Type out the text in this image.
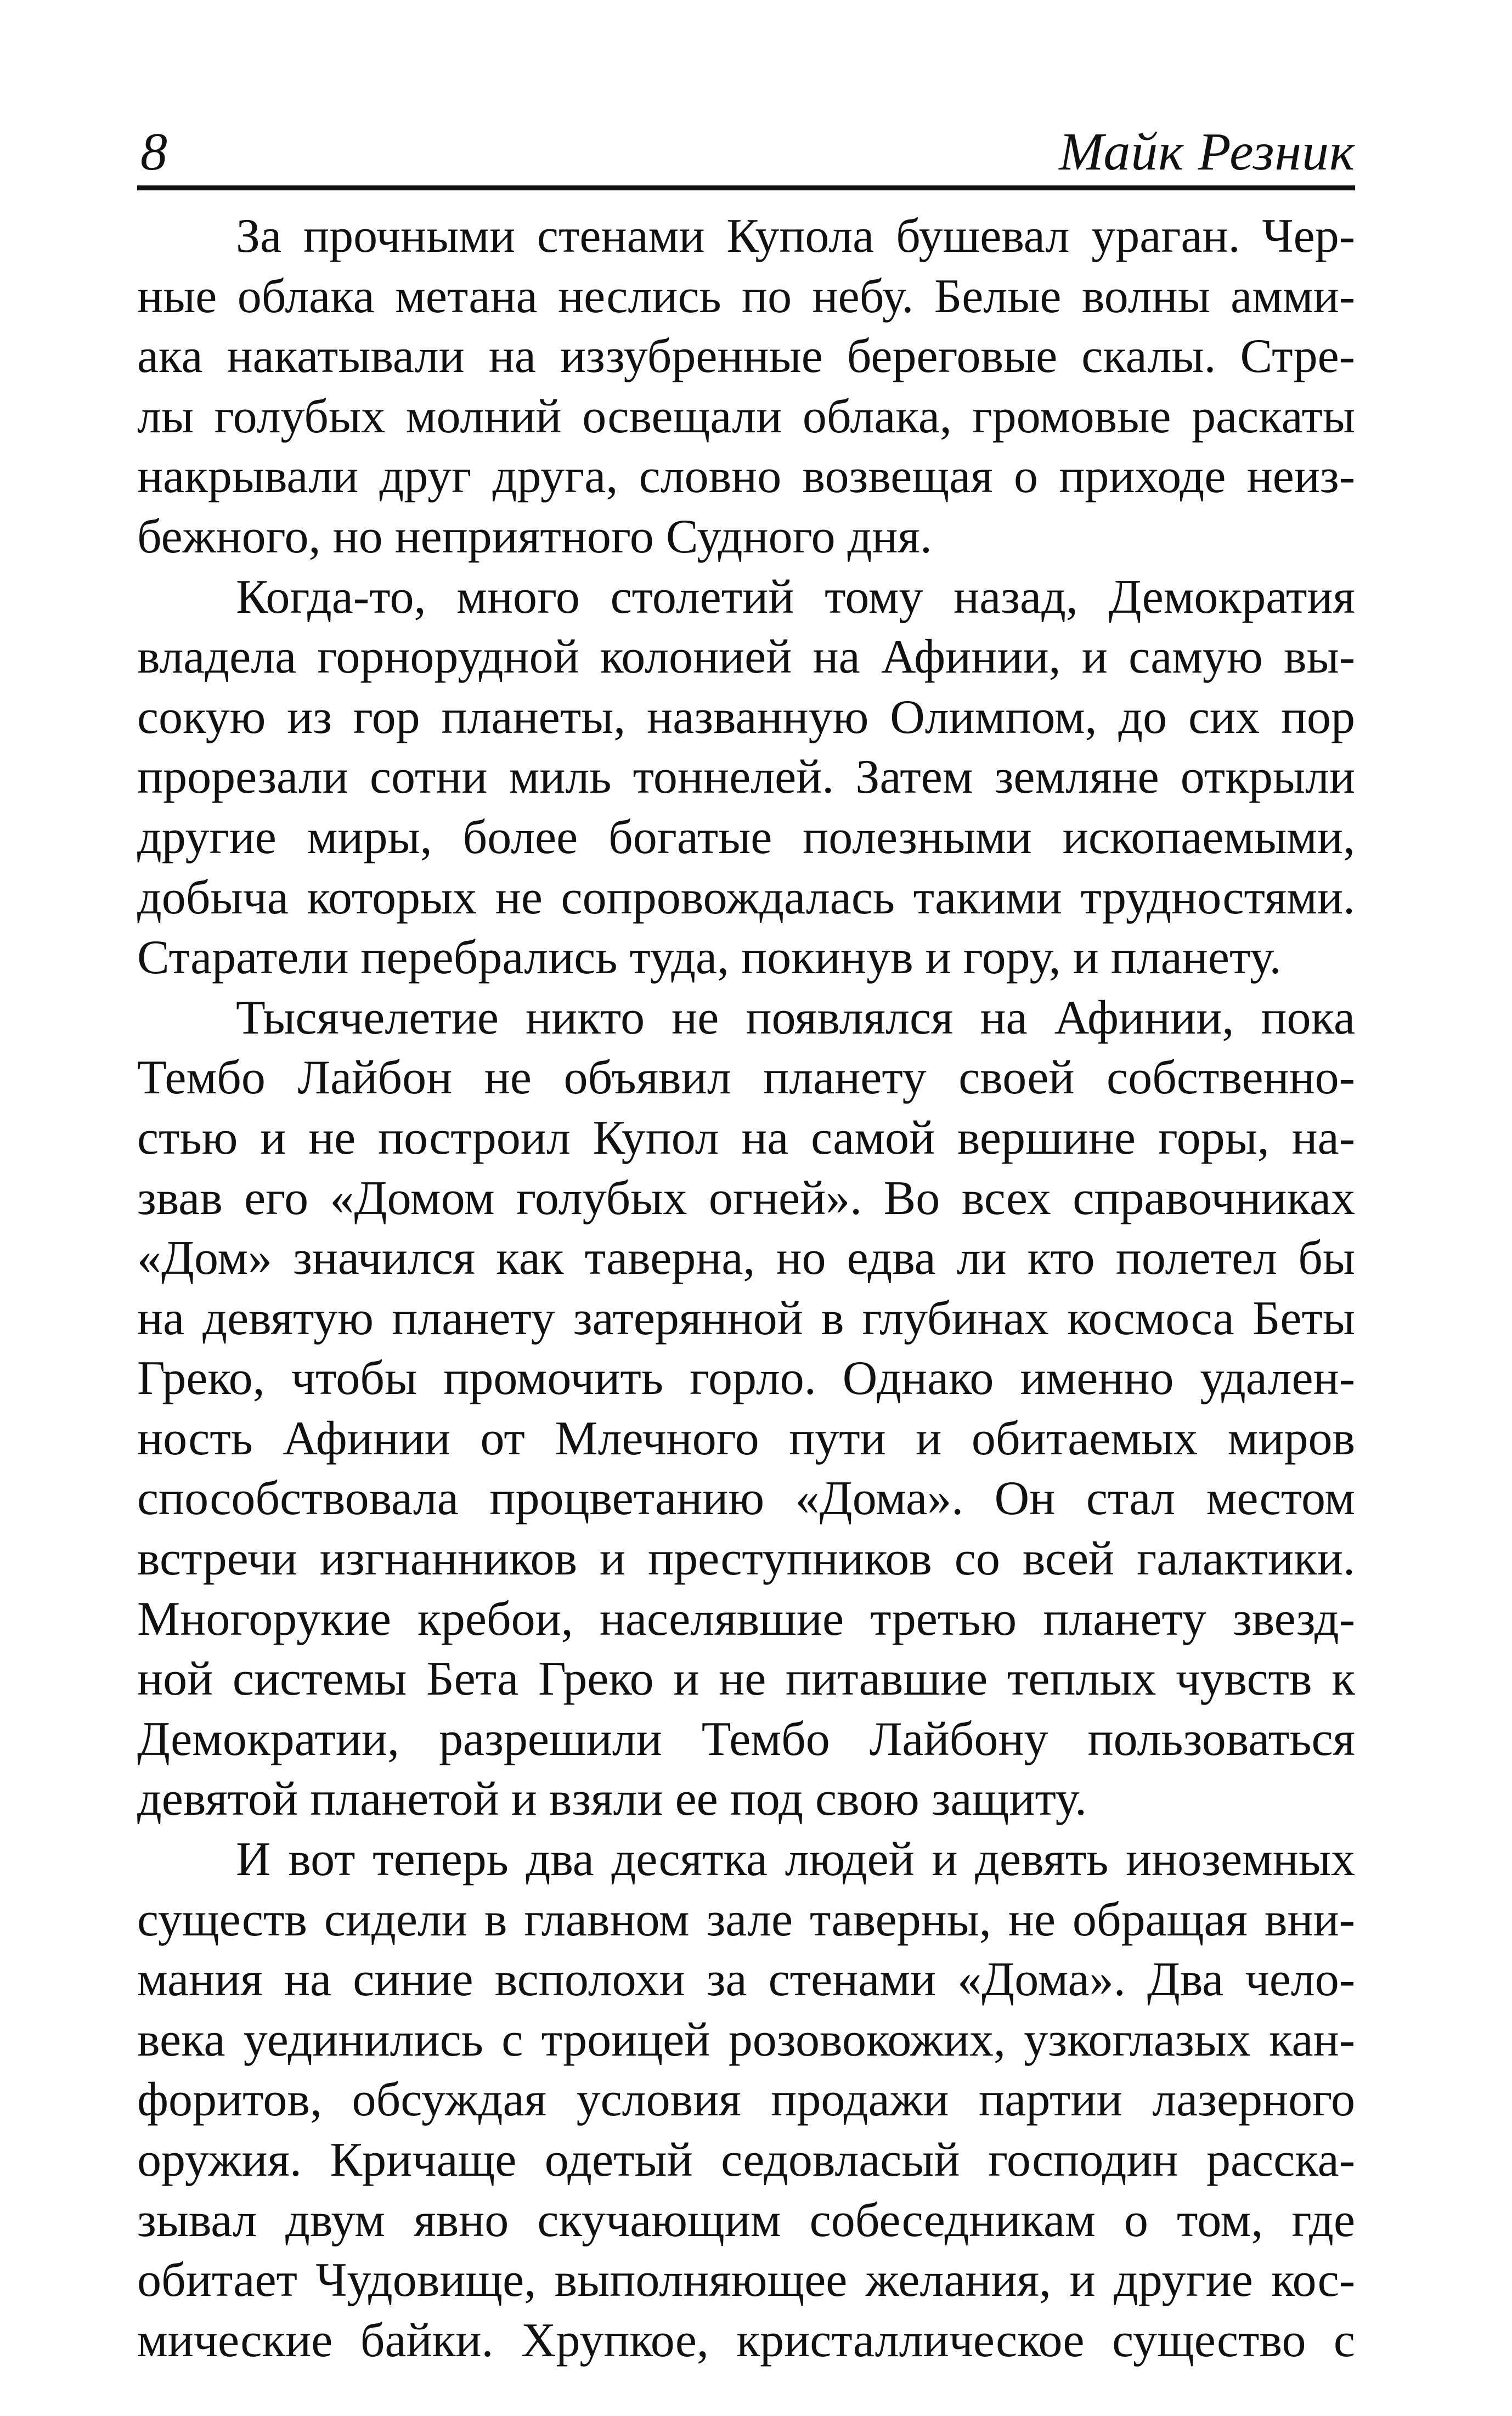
8	Майк Резник
За прочными стенами Купола бушевал ураган. Чер-
ные облака метана неслись по небу. Белые волны амми-
ака накатывали на иззубренные береговые скалы. Стре-
лы голубых молний освещали облака, громовые раскаты
накрывали друг друга, словно возвещая о приходе неиз-
бежного, но неприятного Судного дня.
Когда-то, много столетий тому назад, Демократия
владела горнорудной колонией на Афинии, и самую вы-
сокую из гор планеты, названную Олимпом, до сих пор
прорезали сотни миль тоннелей. Затем земляне открыли
другие миры, более богатые полезными ископаемыми,
добыча которых не сопровождалась такими трудностями.
Старатели перебрались туда, покинув и гору, и планету.
Тысячелетие никто не появлялся на Афинии, пока
Тембо Лайбон не объявил планету своей собственно-
стью и не построил Купол на самой вершине горы, на-
звав его «Домом голубых огней». Во всех справочниках
«Дом» значился как таверна, но едва ли кто полетел бы
на девятую планету затерянной в глубинах космоса Беты
Греко, чтобы промочить горло. Однако именно удален-
ность Афинии от Млечного пути и обитаемых миров
способствовала процветанию «Дома». Он стал местом
встречи изгнанников и преступников со всей галактики.
Многорукие кребои, населявшие третью планету звезд-
ной системы Бета Греко и не питавшие теплых чувств к
Демократии, разрешили Тембо Лайбону пользоваться
девятой планетой и взяли ее под свою защиту.
И вот теперь два десятка людей и девять иноземных
существ сидели в главном зале таверны, не обращая вни-
мания на синие всполохи за стенами «Дома». Два чело-
века уединились с троицей розовокожих, узкоглазых кан-
форитов, обсуждая условия продажи партии лазерного
оружия. Кричаще одетый седовласый господин расска-
зывал двум явно скучающим собеседникам о том, где
обитает Чудовище, выполняющее желания, и другие кос-
мические байки. Хрупкое, кристаллическое существо с
